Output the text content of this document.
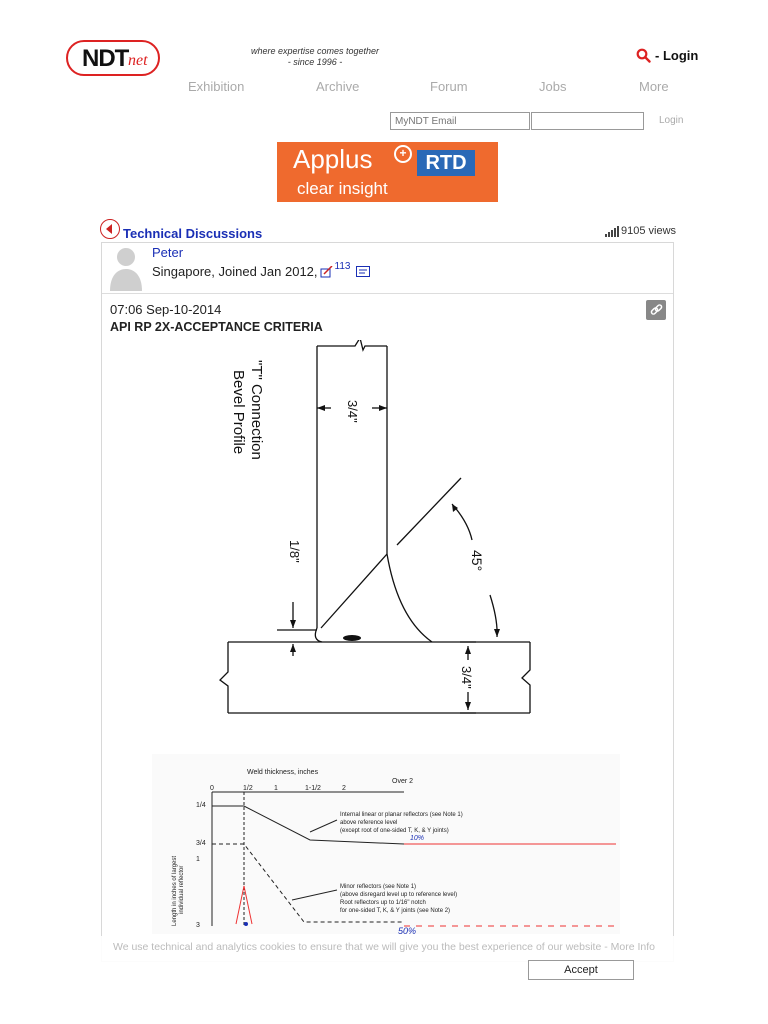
NDT net
where expertise comes together
- since 1996 -	- Login
Exhibition	Archive	Forum	Jobs	More
MyNDT Email
Login
Applus	+ RTD
clear insight
Technical Discussions	9105 views
Peter
Singapore, Joined Jan 2012, 113
07:06 Sep-10-2014
API RP 2X-ACCEPTANCE CRITERIA
"T" Connection
Bevel Profile	3/4"
1/8"	45°
3/4"
Weld thickness, inches
0	1/2	1	1-1/2	2
Over 2
1/4
3/4
1
3
Length in inches of largest individual reflector
Internal linear or planar reflectors (see Note 1)
above reference level
(except root of one-sided T, K, & Y joints)
Minor reflectors (see Note 1)
(above disregard level up to reference level)
Root reflectors up to 1/16" notch
for one-sided T, K, & Y joints (see Note 2)
10%
50%
We use technical and analytics cookies to ensure that we will give you the best experience of our website - More Info
Accept
